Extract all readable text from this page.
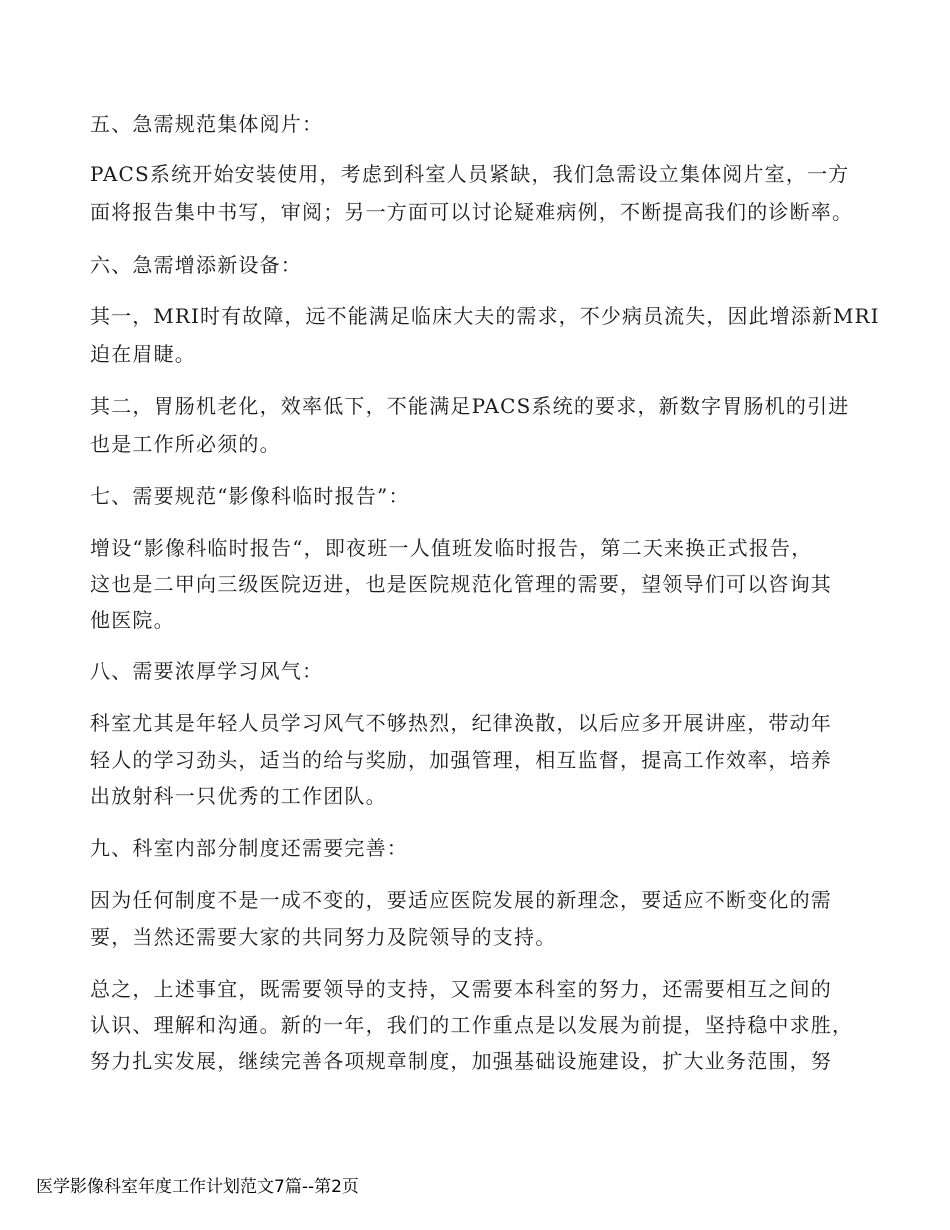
五、急需规范集体阅片：

PACS系统开始安装使用，考虑到科室人员紧缺，我们急需设立集体阅片室，一方

面将报告集中书写，审阅；另一方面可以讨论疑难病例，不断提高我们的诊断率。

六、急需增添新设备：

其一，MRI时有故障，远不能满足临床大夫的需求，不少病员流失，因此增添新MRI

迫在眉睫。

其二，胃肠机老化，效率低下，不能满足PACS系统的要求，新数字胃肠机的引进

也是工作所必须的。

七、需要规范“影像科临时报告”：

增设“影像科临时报告“，即夜班一人值班发临时报告，第二天来换正式报告，

这也是二甲向三级医院迈进，也是医院规范化管理的需要，望领导们可以咨询其

他医院。

八、需要浓厚学习风气：

科室尤其是年轻人员学习风气不够热烈，纪律涣散，以后应多开展讲座，带动年

轻人的学习劲头，适当的给与奖励，加强管理，相互监督，提高工作效率，培养

出放射科一只优秀的工作团队。

九、科室内部分制度还需要完善：

因为任何制度不是一成不变的，要适应医院发展的新理念，要适应不断变化的需

要，当然还需要大家的共同努力及院领导的支持。

总之，上述事宜，既需要领导的支持，又需要本科室的努力，还需要相互之间的

认识、理解和沟通。新的一年，我们的工作重点是以发展为前提，坚持稳中求胜，

努力扎实发展，继续完善各项规章制度，加强基础设施建设，扩大业务范围，努

医学影像科室年度工作计划范文7篇--第2页
